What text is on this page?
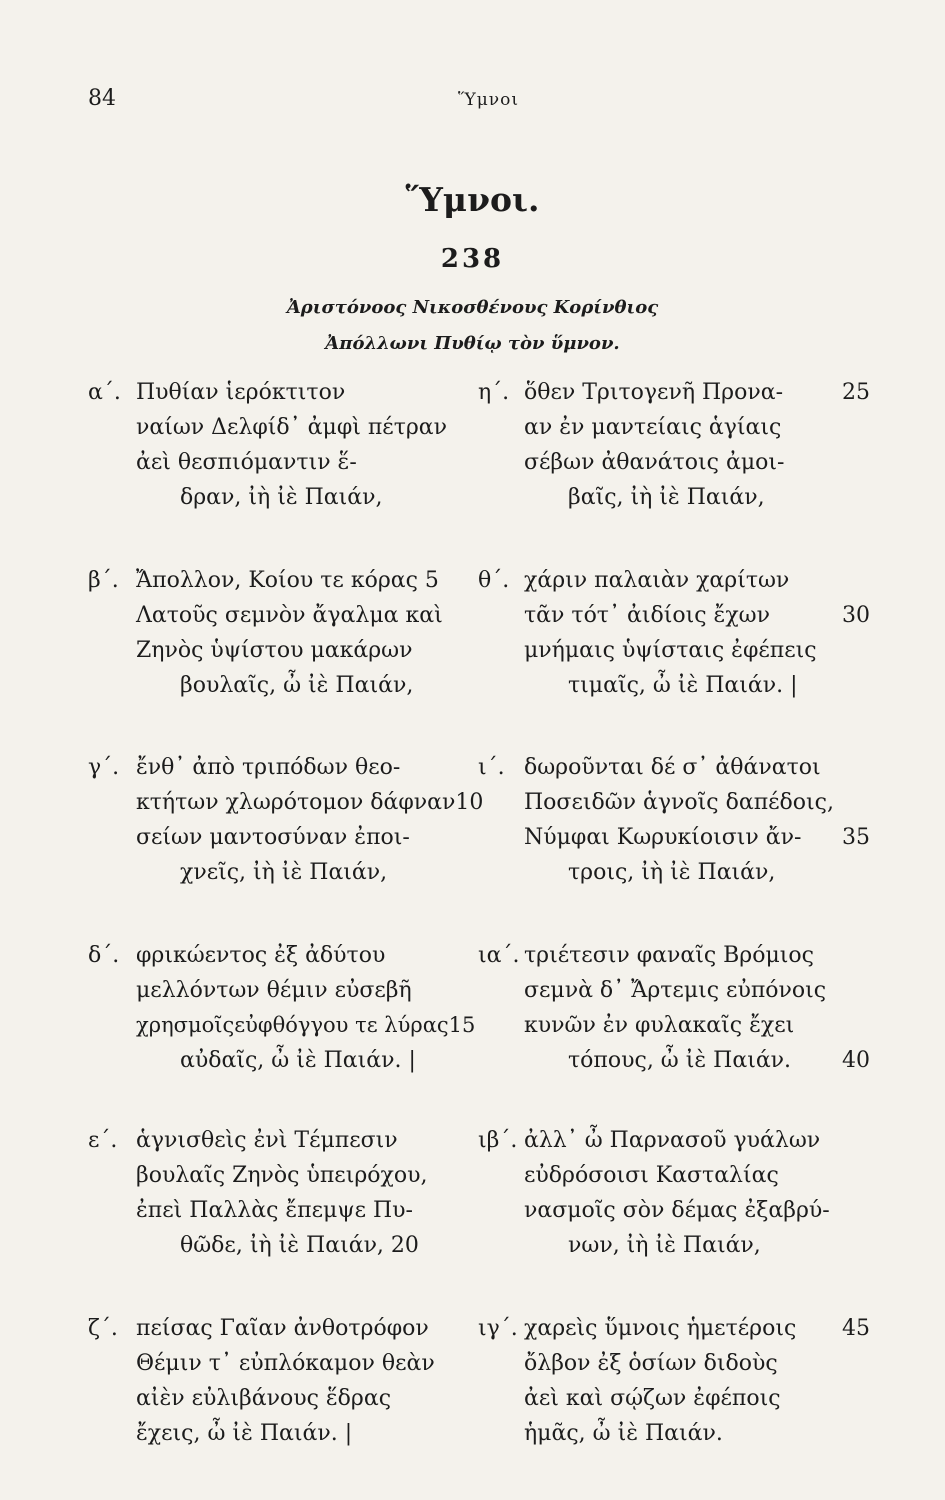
84	Ὕμνοι
Ὕμνοι.
238
Ἀριστόνοος Νικοσθένους Κορίνθιος
Ἀπόλλωνι Πυθίῳ τὸν ὕμνον.
α΄. Πυθίαν ἱερόκτιτον
ναίων Δελφίδ᾽ ἀμφὶ πέτραν
ἀεὶ θεσπιόμαντιν ἕ-
δραν, ἰὴ ἰὲ Παιάν,
β΄. Ἄπολλον, Κοίου τε κόρας 5
Λατοῦς σεμνὸν ἄγαλμα καὶ
Ζηνὸς ὑψίστου μακάρων
βουλαῖς, ὦ ἰὲ Παιάν,
γ΄. ἔνθ᾽ ἀπὸ τριπόδων θεο-
κτήτων χλωρότομον δάφναν10
σείων μαντοσύναν ἐποι-
χνεῖς, ἰὴ ἰὲ Παιάν,
δ΄. φρικώεντος ἐξ ἀδύτου
μελλόντων θέμιν εὐσεβῆ
χρησμοῖςεὐφθόγγου τε λύρας15
αὐδαῖς, ὦ ἰὲ Παιάν. |
ε΄. ἁγνισθεὶς ἐνὶ Τέμπεσιν
βουλαῖς Ζηνὸς ὑπειρόχου,
ἐπεὶ Παλλὰς ἔπεμψε Πυ-
θῶδε, ἰὴ ἰὲ Παιάν, 20
ζ΄. πείσας Γαῖαν ἀνθοτρόφον
Θέμιν τ᾽ εὐπλόκαμον θεὰν
αἰὲν εὐλιβάνους ἕδρας
ἔχεις, ὦ ἰὲ Παιάν. |
η΄. ὅθεν Τριτογενῆ Προνα-
αν ἐν μαντείαις ἁγίαις
σέβων ἀθανάτοις ἀμοι-
βαῖς, ἰὴ ἰὲ Παιάν,
θ΄. χάριν παλαιὰν χαρίτων
τᾶν τότ᾽ ἀιδίοις ἔχων
μνήμαις ὑψίσταις ἐφέπεις
τιμαῖς, ὦ ἰὲ Παιάν. |
ι΄. δωροῦνται δέ σ᾽ ἀθάνατοι
Ποσειδῶν ἁγνοῖς δαπέδοις,
Νύμφαι Κωρυκίοισιν ἄν-
τροις, ἰὴ ἰὲ Παιάν,
ια΄. τριέτεσιν φαναῖς Βρόμιος
σεμνὰ δ᾽ Ἄρτεμις εὐπόνοις
κυνῶν ἐν φυλακαῖς ἔχει
τόπους, ὦ ἰὲ Παιάν.
ιβ΄. ἀλλ᾽ ὦ Παρνασοῦ γυάλων
εὐδρόσοισι Κασταλίας
νασμοῖς σὸν δέμας ἐξαβρύ-
νων, ἰὴ ἰὲ Παιάν,
ιγ΄. χαρεὶς ὕμνοις ἡμετέροις
ὄλβον ἐξ ὁσίων διδοὺς
ἀεὶ καὶ σῴζων ἐφέποις
ἡμᾶς, ὦ ἰὲ Παιάν.
25
30
35
40
45
